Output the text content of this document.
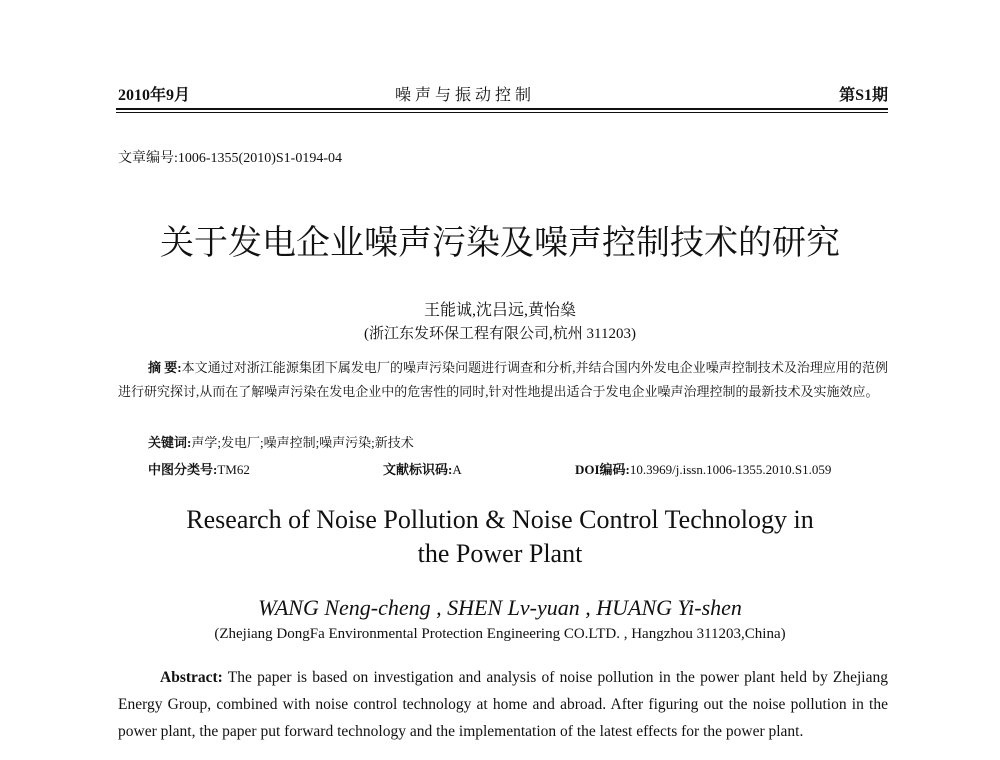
2010年9月	噪 声 与 振 动 控 制	第S1期
文章编号:1006-1355(2010)S1-0194-04
关于发电企业噪声污染及噪声控制技术的研究
王能诚,沈吕远,黄怡燊
(浙江东发环保工程有限公司,杭州 311203)
摘 要:本文通过对浙江能源集团下属发电厂的噪声污染问题进行调查和分析,并结合国内外发电企业噪声控制技术及治理应用的范例进行研究探讨,从而在了解噪声污染在发电企业中的危害性的同时,针对性地提出适合于发电企业噪声治理控制的最新技术及实施效应。
关键词:声学;发电厂;噪声控制;噪声污染;新技术
中图分类号:TM62	文献标识码:A	DOI编码:10.3969/j.issn.1006-1355.2010.S1.059
Research of Noise Pollution & Noise Control Technology in
the Power Plant
WANG Neng-cheng , SHEN Lv-yuan , HUANG Yi-shen
(Zhejiang DongFa Environmental Protection Engineering CO.LTD. , Hangzhou 311203,China)
Abstract: The paper is based on investigation and analysis of noise pollution in the power plant held by Zhejiang Energy Group, combined with noise control technology at home and abroad. After figuring out the noise pollution in the power plant, the paper put forward technology and the implementation of the latest effects for the power plant.
